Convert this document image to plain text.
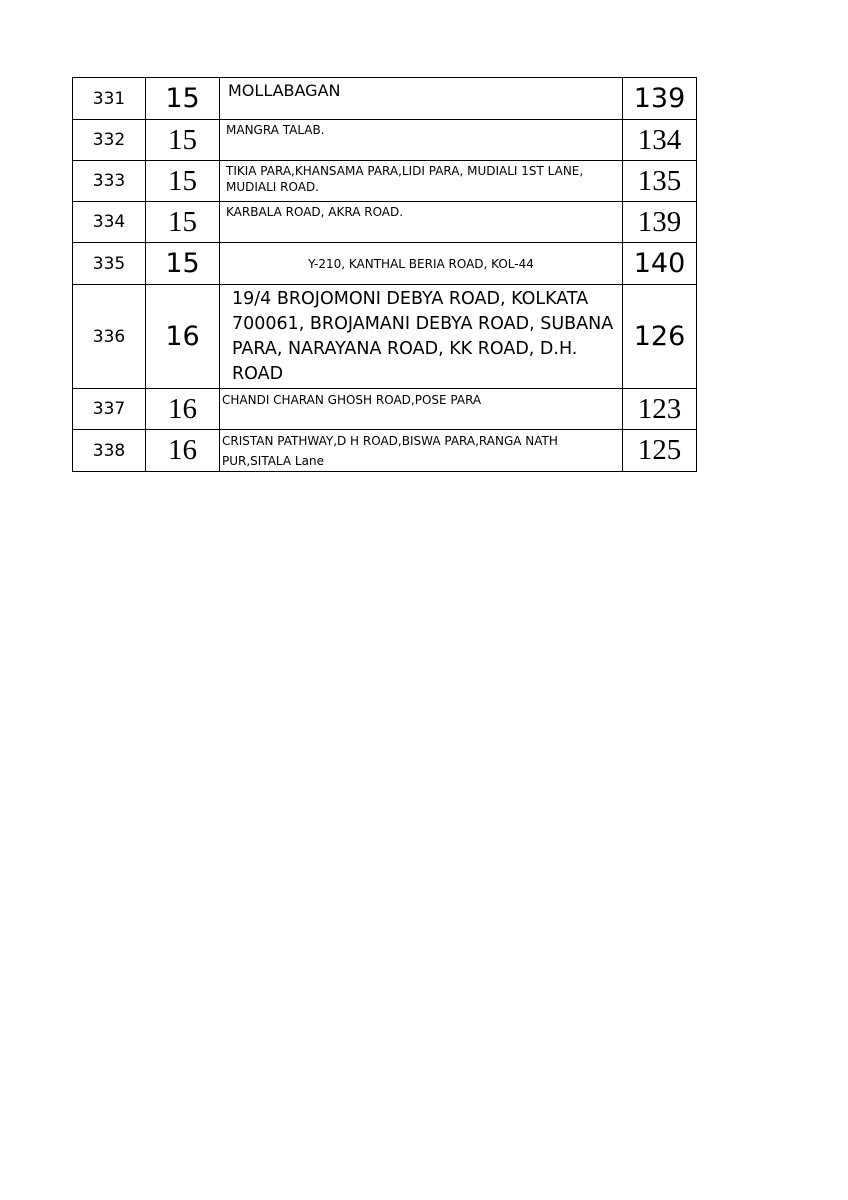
331	15	MOLLABAGAN	139
332	15	MANGRA TALAB.	134
333	15	TIKIA PARA,KHANSAMA PARA,LIDI PARA, MUDIALI 1ST LANE, MUDIALI ROAD.	135
334	15	KARBALA ROAD, AKRA ROAD.	139
335	15	Y-210, KANTHAL BERIA ROAD, KOL-44	140
336	16	19/4 BROJOMONI DEBYA ROAD, KOLKATA 700061, BROJAMANI DEBYA ROAD, SUBANA PARA, NARAYANA ROAD, KK ROAD, D.H. ROAD	126
337	16	CHANDI CHARAN GHOSH ROAD,POSE PARA	123
338	16	CRISTAN PATHWAY,D H ROAD,BISWA PARA,RANGA NATH PUR,SITALA Lane	125
